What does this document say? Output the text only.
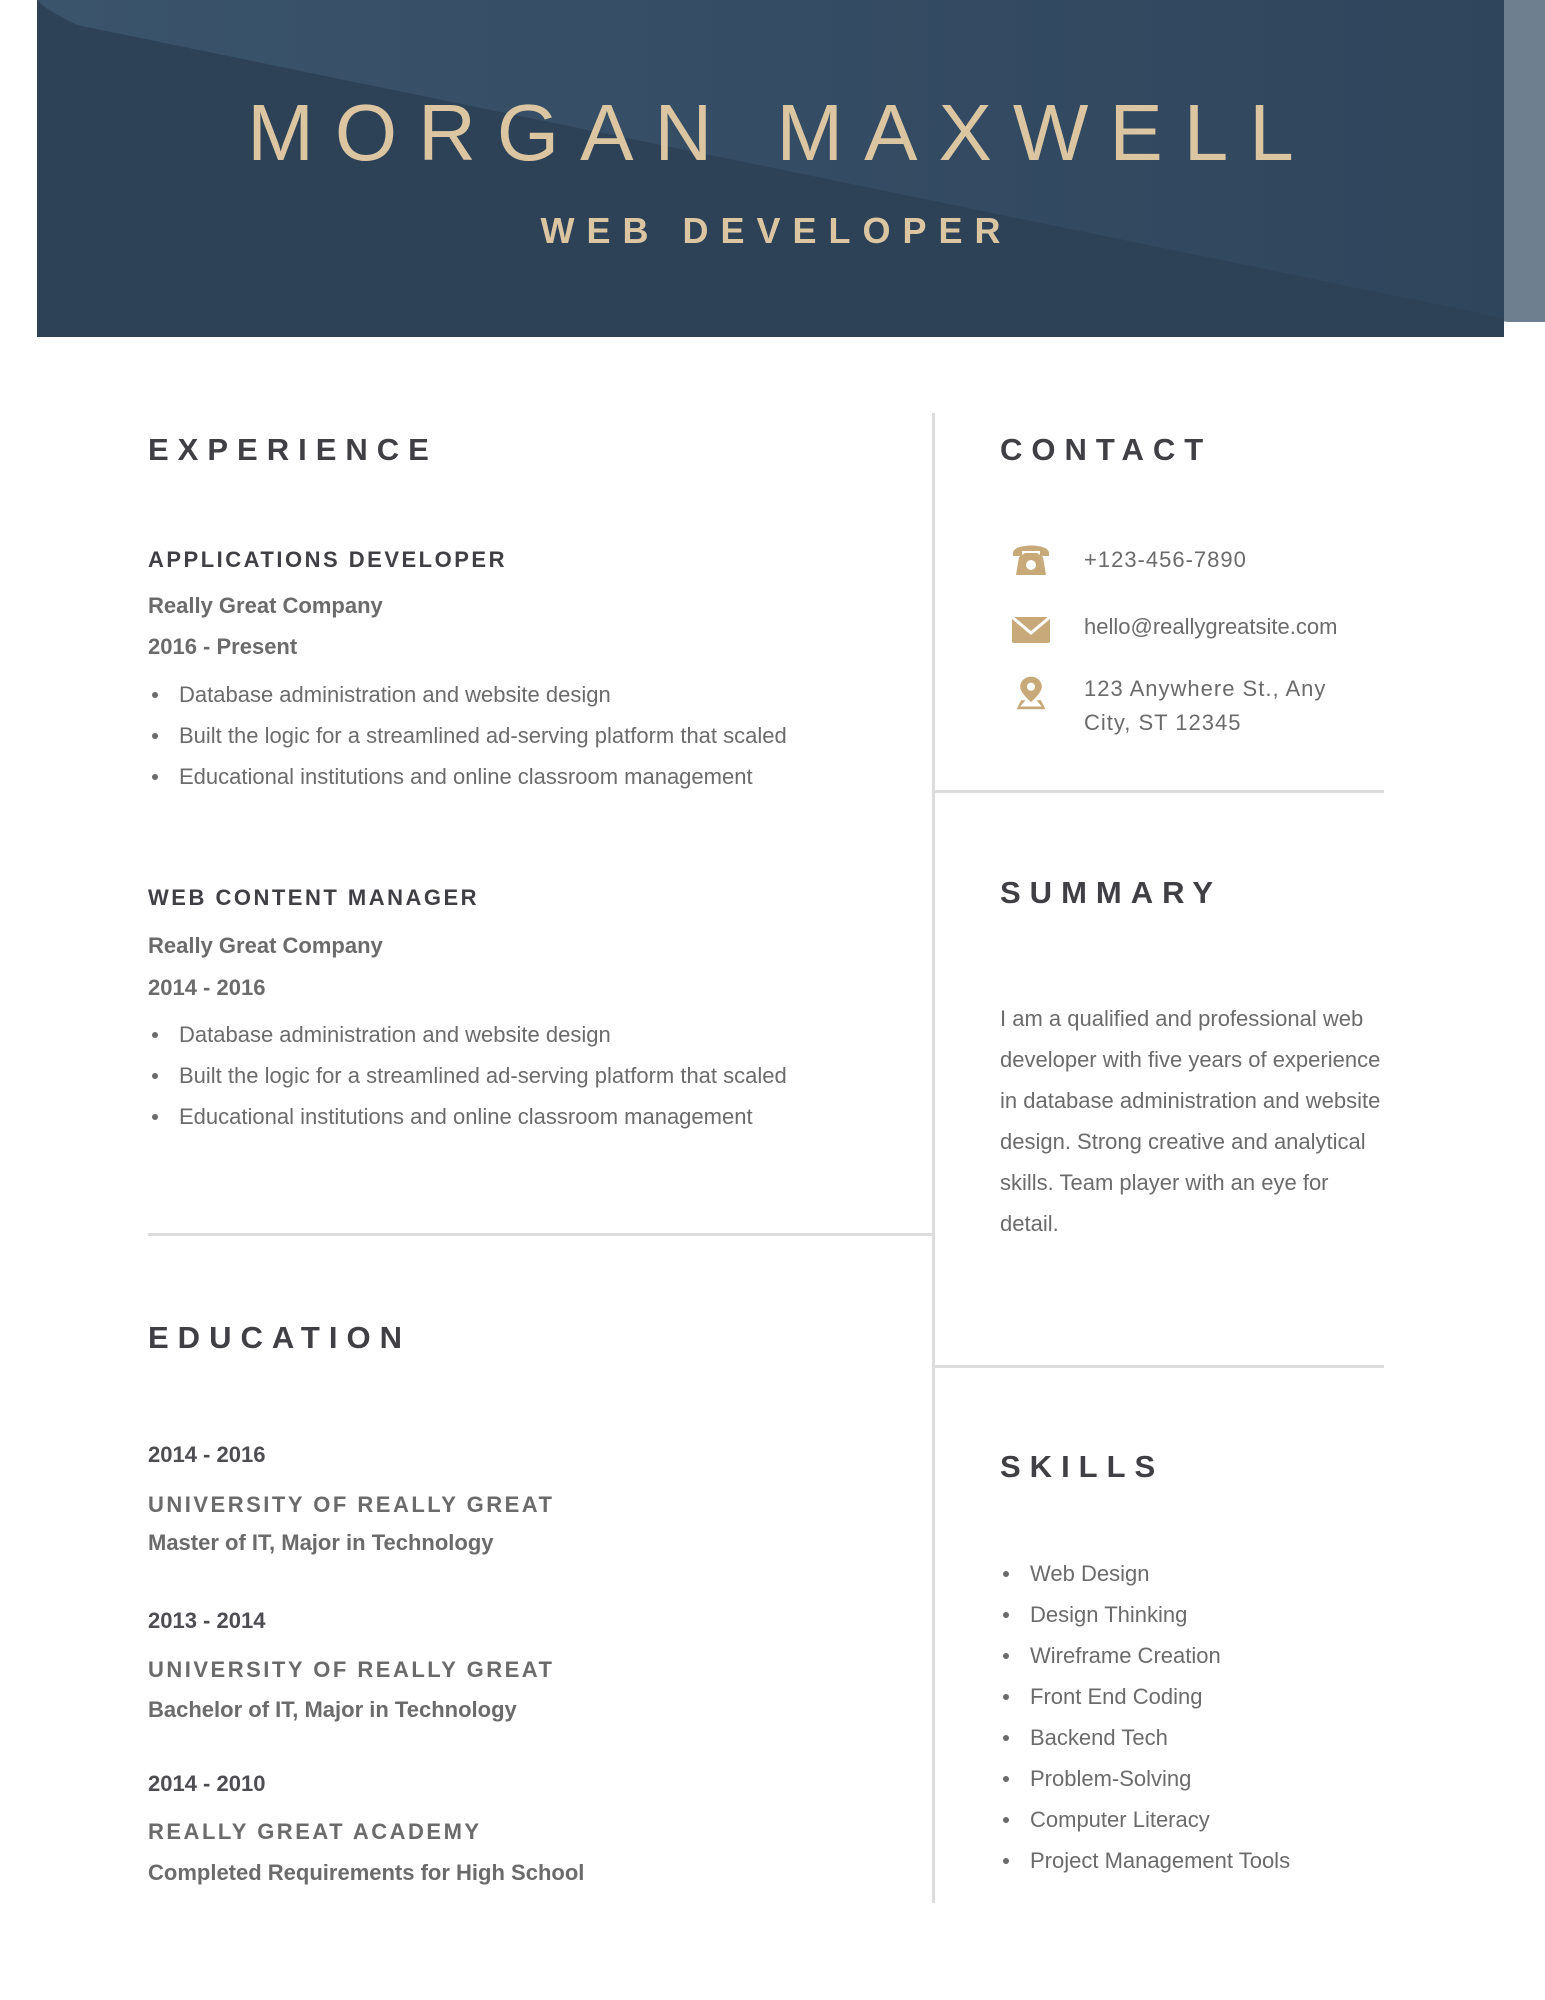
MORGAN MAXWELL
WEB DEVELOPER
EXPERIENCE
APPLICATIONS DEVELOPER
Really Great Company
2016 - Present
Database administration and website design
Built the logic for a streamlined ad-serving platform that scaled
Educational institutions and online classroom management
WEB CONTENT MANAGER
Really Great Company
2014 - 2016
Database administration and website design
Built the logic for a streamlined ad-serving platform that scaled
Educational institutions and online classroom management
EDUCATION
2014 - 2016
UNIVERSITY OF REALLY GREAT
Master of IT, Major in Technology
2013 - 2014
UNIVERSITY OF REALLY GREAT
Bachelor of IT, Major in Technology
2014 - 2010
REALLY GREAT ACADEMY
Completed Requirements for High School
CONTACT
+123-456-7890
hello@reallygreatsite.com
123 Anywhere St., Any
City, ST 12345
SUMMARY
I am a qualified and professional web developer with five years of experience in database administration and website design. Strong creative and analytical skills. Team player with an eye for detail.
SKILLS
Web Design
Design Thinking
Wireframe Creation
Front End Coding
Backend Tech
Problem-Solving
Computer Literacy
Project Management Tools
